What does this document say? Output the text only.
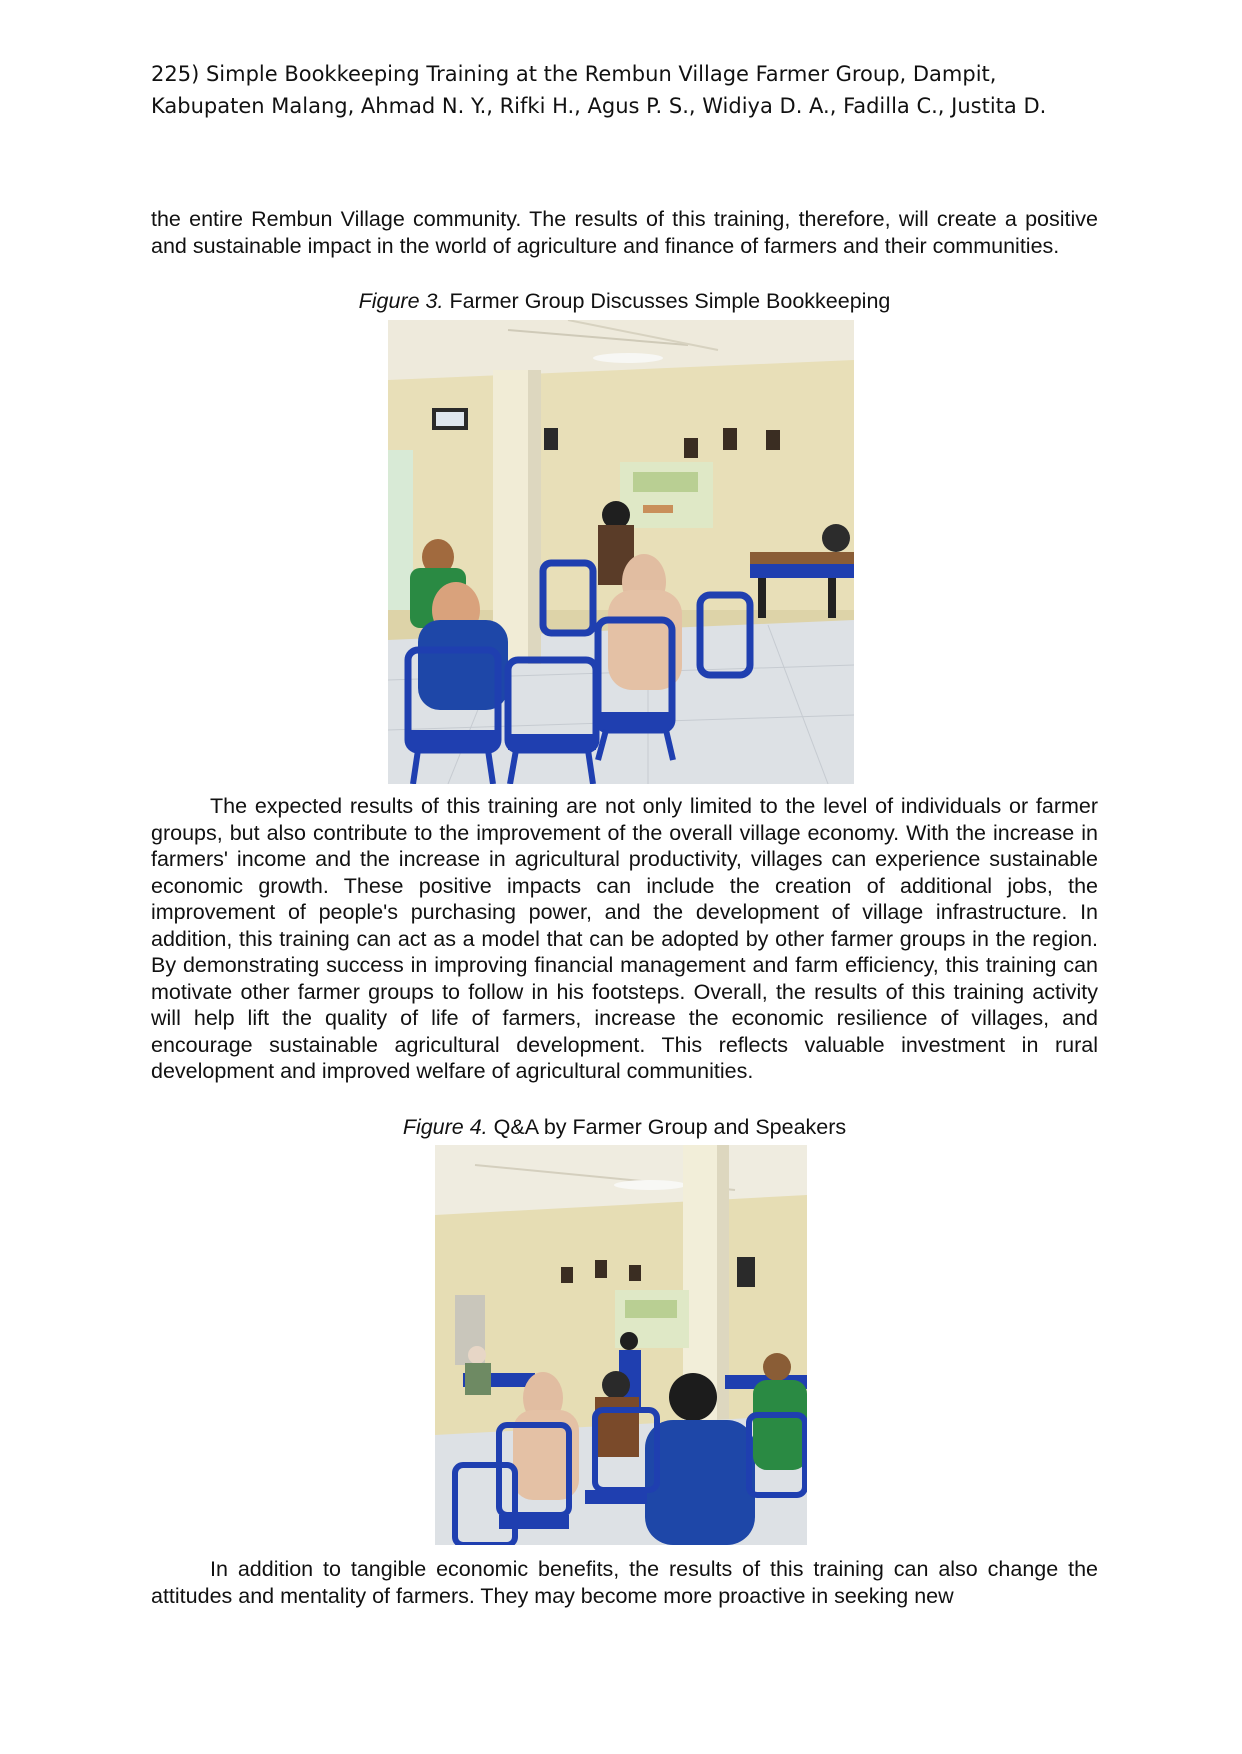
225) Simple Bookkeeping Training at the Rembun Village Farmer Group, Dampit, Kabupaten Malang, Ahmad N. Y., Rifki H., Agus P. S., Widiya D. A., Fadilla C., Justita D.

the entire Rembun Village community. The results of this training, therefore, will create a positive and sustainable impact in the world of agriculture and finance of farmers and their communities.

Figure 3. Farmer Group Discusses Simple Bookkeeping

The expected results of this training are not only limited to the level of individuals or farmer groups, but also contribute to the improvement of the overall village economy. With the increase in farmers' income and the increase in agricultural productivity, villages can experience sustainable economic growth. These positive impacts can include the creation of additional jobs, the improvement of people's purchasing power, and the development of village infrastructure. In addition, this training can act as a model that can be adopted by other farmer groups in the region. By demonstrating success in improving financial management and farm efficiency, this training can motivate other farmer groups to follow in his footsteps. Overall, the results of this training activity will help lift the quality of life of farmers, increase the economic resilience of villages, and encourage sustainable agricultural development. This reflects valuable investment in rural development and improved welfare of agricultural communities.

Figure 4. Q&A by Farmer Group and Speakers

In addition to tangible economic benefits, the results of this training can also change the attitudes and mentality of farmers. They may become more proactive in seeking new
